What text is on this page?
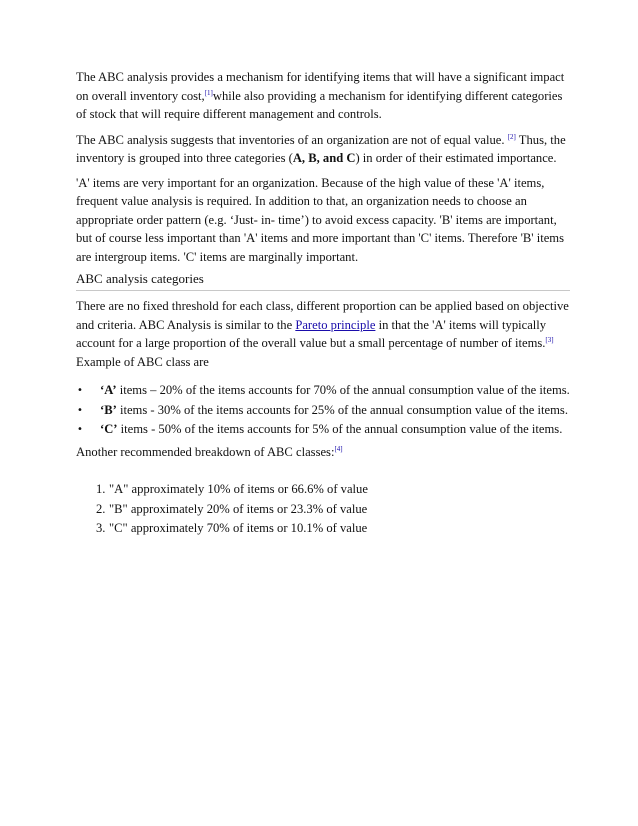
The ABC analysis provides a mechanism for identifying items that will have a significant impact on overall inventory cost,[1]while also providing a mechanism for identifying different categories of stock that will require different management and controls.

The ABC analysis suggests that inventories of an organization are not of equal value. [2] Thus, the inventory is grouped into three categories (A, B, and C) in order of their estimated importance.

'A' items are very important for an organization. Because of the high value of these 'A' items, frequent value analysis is required. In addition to that, an organization needs to choose an appropriate order pattern (e.g. ‘Just- in- time’) to avoid excess capacity. 'B' items are important, but of course less important than 'A' items and more important than 'C' items. Therefore 'B' items are intergroup items. 'C' items are marginally important.

ABC analysis categories

There are no fixed threshold for each class, different proportion can be applied based on objective and criteria. ABC Analysis is similar to the Pareto principle in that the 'A' items will typically account for a large proportion of the overall value but a small percentage of number of items.[3]

Example of ABC class are

• ‘A’ items – 20% of the items accounts for 70% of the annual consumption value of the items.
• ‘B’ items - 30% of the items accounts for 25% of the annual consumption value of the items.
• ‘C’ items - 50% of the items accounts for 5% of the annual consumption value of the items.

Another recommended breakdown of ABC classes:[4]

1. "A" approximately 10% of items or 66.6% of value
2. "B" approximately 20% of items or 23.3% of value
3. "C" approximately 70% of items or 10.1% of value
